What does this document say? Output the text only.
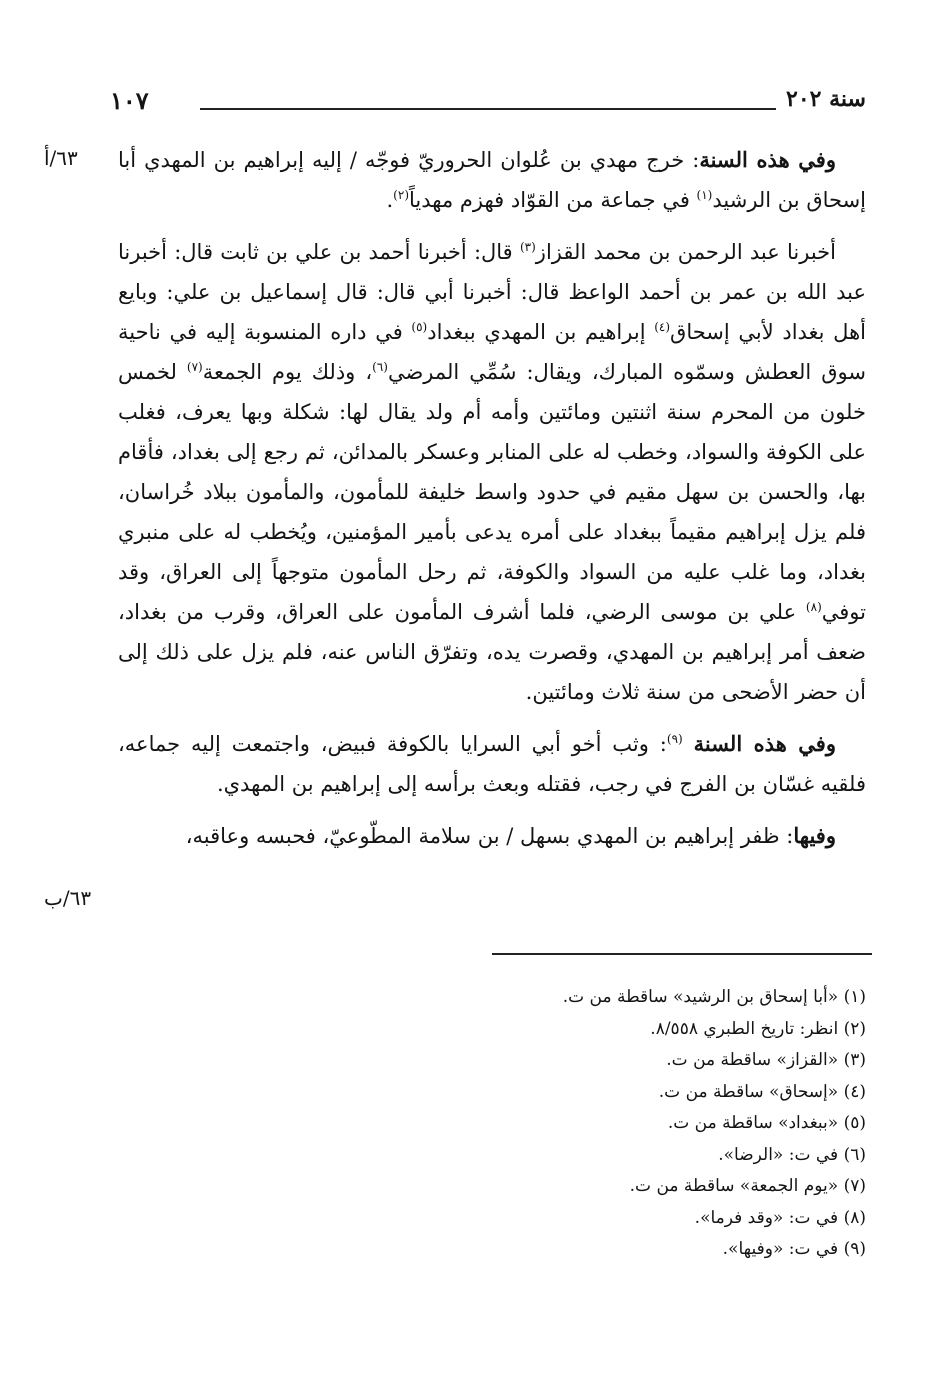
سنة ٢٠٢
١٠٧
٦٣/أ
٦٣/ب

وفي هذه السنة: خرج مهدي بن عُلوان الحروريّ فوجّه / إليه إبراهيم بن المهدي أبا إسحاق بن الرشيد$^{(١)}$ في جماعة من القوّاد فهزم مهدياً$^{(٢)}$.

أخبرنا عبد الرحمن بن محمد القزاز$^{(٣)}$ قال: أخبرنا أحمد بن علي بن ثابت قال: أخبرنا عبد الله بن عمر بن أحمد الواعظ قال: أخبرنا أبي قال: قال إسماعيل بن علي: وبايع أهل بغداد لأبي إسحاق$^{(٤)}$ إبراهيم بن المهدي ببغداد$^{(٥)}$ في داره المنسوبة إليه في ناحية سوق العطش وسمّوه المبارك، ويقال: سُمِّي المرضي$^{(٦)}$، وذلك يوم الجمعة$^{(٧)}$ لخمس خلون من المحرم سنة اثنتين ومائتين وأمه أم ولد يقال لها: شكلة وبها يعرف، فغلب على الكوفة والسواد، وخطب له على المنابر وعسكر بالمدائن، ثم رجع إلى بغداد، فأقام بها، والحسن بن سهل مقيم في حدود واسط خليفة للمأمون، والمأمون ببلاد خُراسان، فلم يزل إبراهيم مقيماً ببغداد على أمره يدعى بأمير المؤمنين، ويُخطب له على منبري بغداد، وما غلب عليه من السواد والكوفة، ثم رحل المأمون متوجهاً إلى العراق، وقد توفي$^{(٨)}$ علي بن موسى الرضي، فلما أشرف المأمون على العراق، وقرب من بغداد، ضعف أمر إبراهيم بن المهدي، وقصرت يده، وتفرّق الناس عنه، فلم يزل على ذلك إلى أن حضر الأضحى من سنة ثلاث ومائتين.

وفي هذه السنة $^{(٩)}$: وثب أخو أبي السرايا بالكوفة فبيض، واجتمعت إليه جماعه، فلقيه غسّان بن الفرج في رجب، فقتله وبعث برأسه إلى إبراهيم بن المهدي.

وفيها: ظفر إبراهيم بن المهدي بسهل / بن سلامة المطّوعيّ، فحبسه وعاقبه،

(١) «أبا إسحاق بن الرشيد» ساقطة من ت.
(٢) انظر: تاريخ الطبري ٨/٥٥٨.
(٣) «القزاز» ساقطة من ت.
(٤) «إسحاق» ساقطة من ت.
(٥) «ببغداد» ساقطة من ت.
(٦) في ت: «الرضا».
(٧) «يوم الجمعة» ساقطة من ت.
(٨) في ت: «وقد فرما».
(٩) في ت: «وفيها».
